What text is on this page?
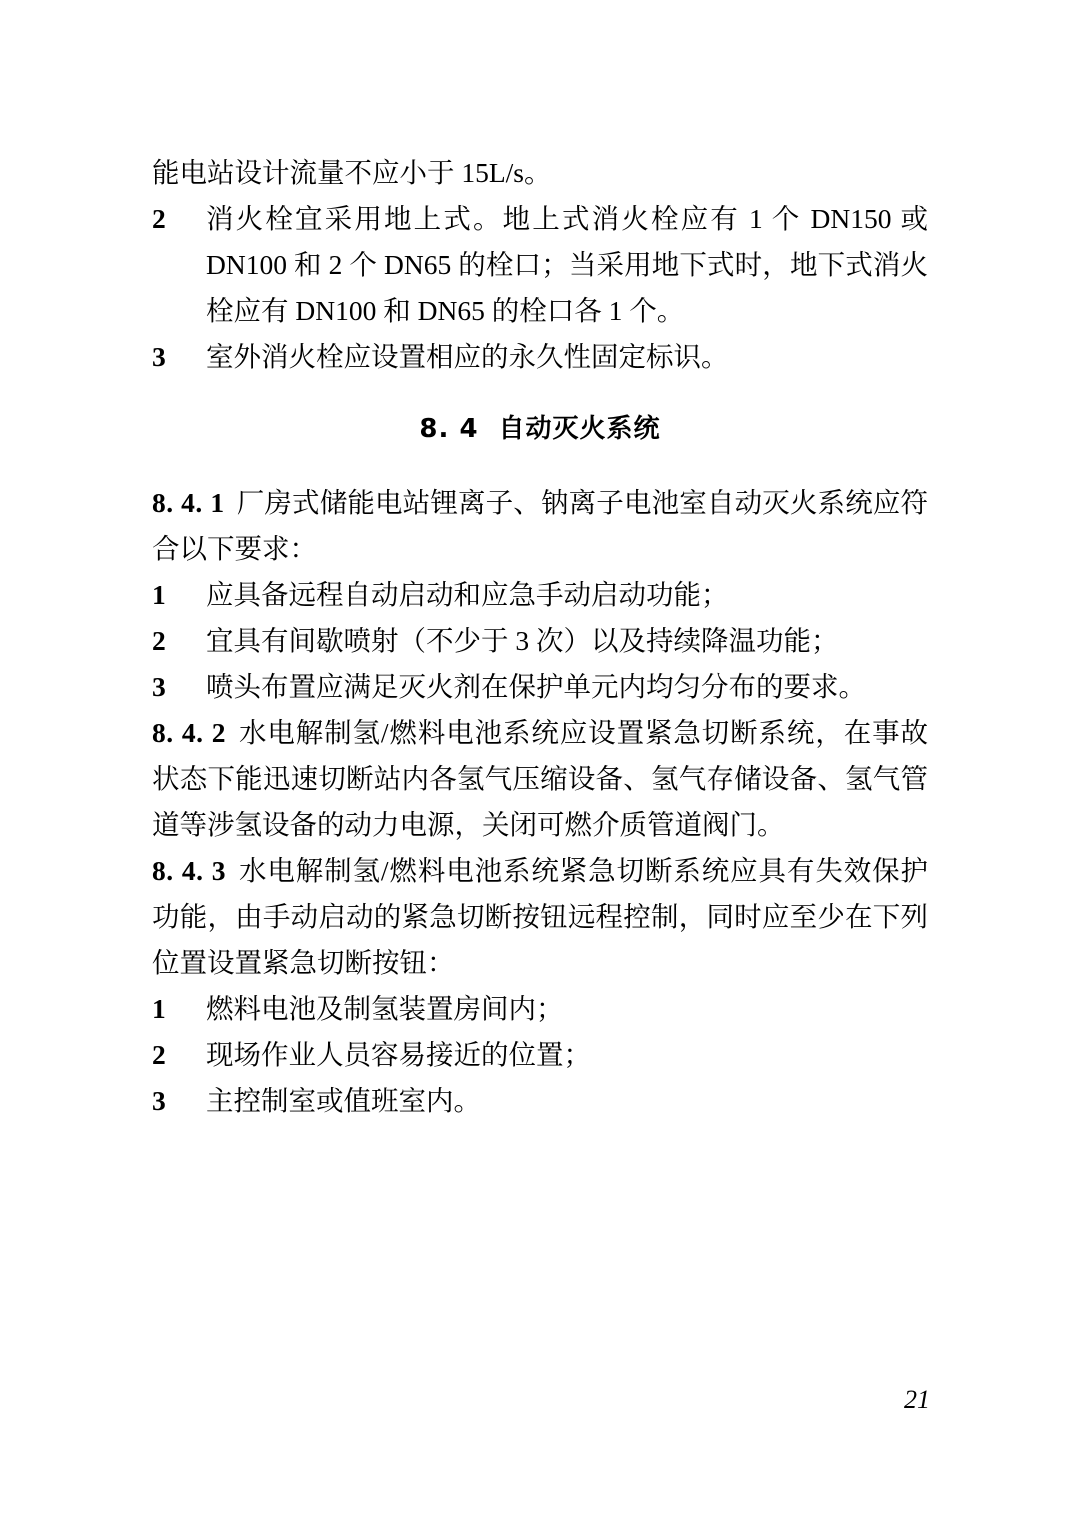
能电站设计流量不应小于 15L/s。

2	消火栓宜采用地上式。地上式消火栓应有 1 个 DN150 或 DN100 和 2 个 DN65 的栓口；当采用地下式时，地下式消火栓应有 DN100 和 DN65 的栓口各 1 个。

3	室外消火栓应设置相应的永久性固定标识。

8. 4 自动灭火系统

8. 4. 1 厂房式储能电站锂离子、钠离子电池室自动灭火系统应符合以下要求：

1	应具备远程自动启动和应急手动启动功能；

2	宜具有间歇喷射（不少于 3 次）以及持续降温功能；

3	喷头布置应满足灭火剂在保护单元内均匀分布的要求。

8. 4. 2 水电解制氢/燃料电池系统应设置紧急切断系统，在事故状态下能迅速切断站内各氢气压缩设备、氢气存储设备、氢气管道等涉氢设备的动力电源，关闭可燃介质管道阀门。

8. 4. 3 水电解制氢/燃料电池系统紧急切断系统应具有失效保护功能，由手动启动的紧急切断按钮远程控制，同时应至少在下列位置设置紧急切断按钮：

1	燃料电池及制氢装置房间内；

2	现场作业人员容易接近的位置；

3	主控制室或值班室内。

21
